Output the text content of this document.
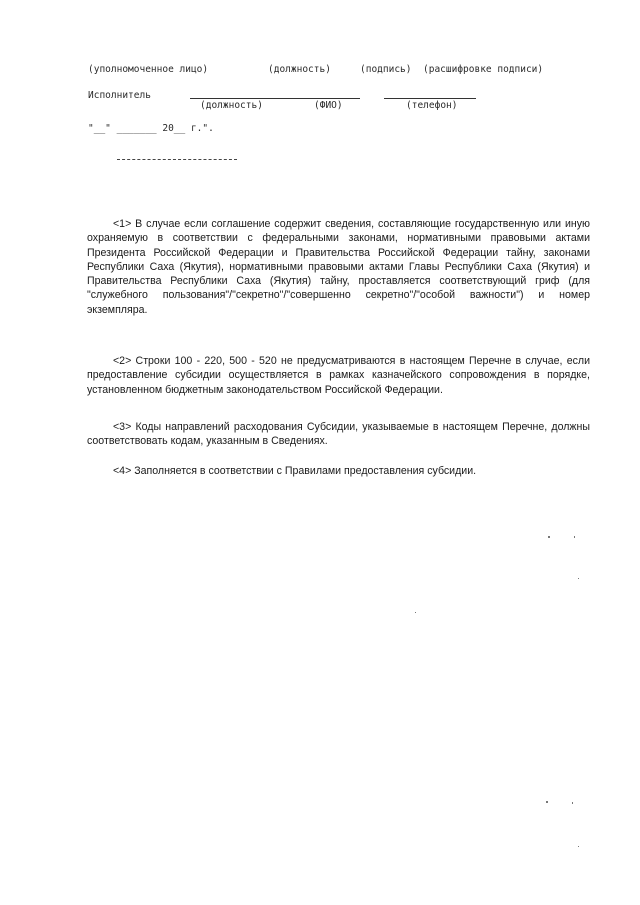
(уполномоченное лицо)	(должность)	(подпись) (расшифровке подписи)
Исполнитель
(должность)	(ФИО)	(телефон)
"__" _______ 20__ г.".

<1> В случае если соглашение содержит сведения, составляющие государственную или иную охраняемую в соответствии с федеральными законами, нормативными правовыми актами Президента Российской Федерации и Правительства Российской Федерации тайну, законами Республики Саха (Якутия), нормативными правовыми актами Главы Республики Саха (Якутия) и Правительства Республики Саха (Якутия) тайну, проставляется соответствующий гриф (для "служебного пользования"/"секретно"/"совершенно секретно"/"особой важности") и номер экземпляра.

<2> Строки 100 - 220, 500 - 520 не предусматриваются в настоящем Перечне в случае, если предоставление субсидии осуществляется в рамках казначейского сопровождения в порядке, установленном бюджетным законодательством Российской Федерации.

<3> Коды направлений расходования Субсидии, указываемые в настоящем Перечне, должны соответствовать кодам, указанным в Сведениях.

<4> Заполняется в соответствии с Правилами предоставления субсидии.
